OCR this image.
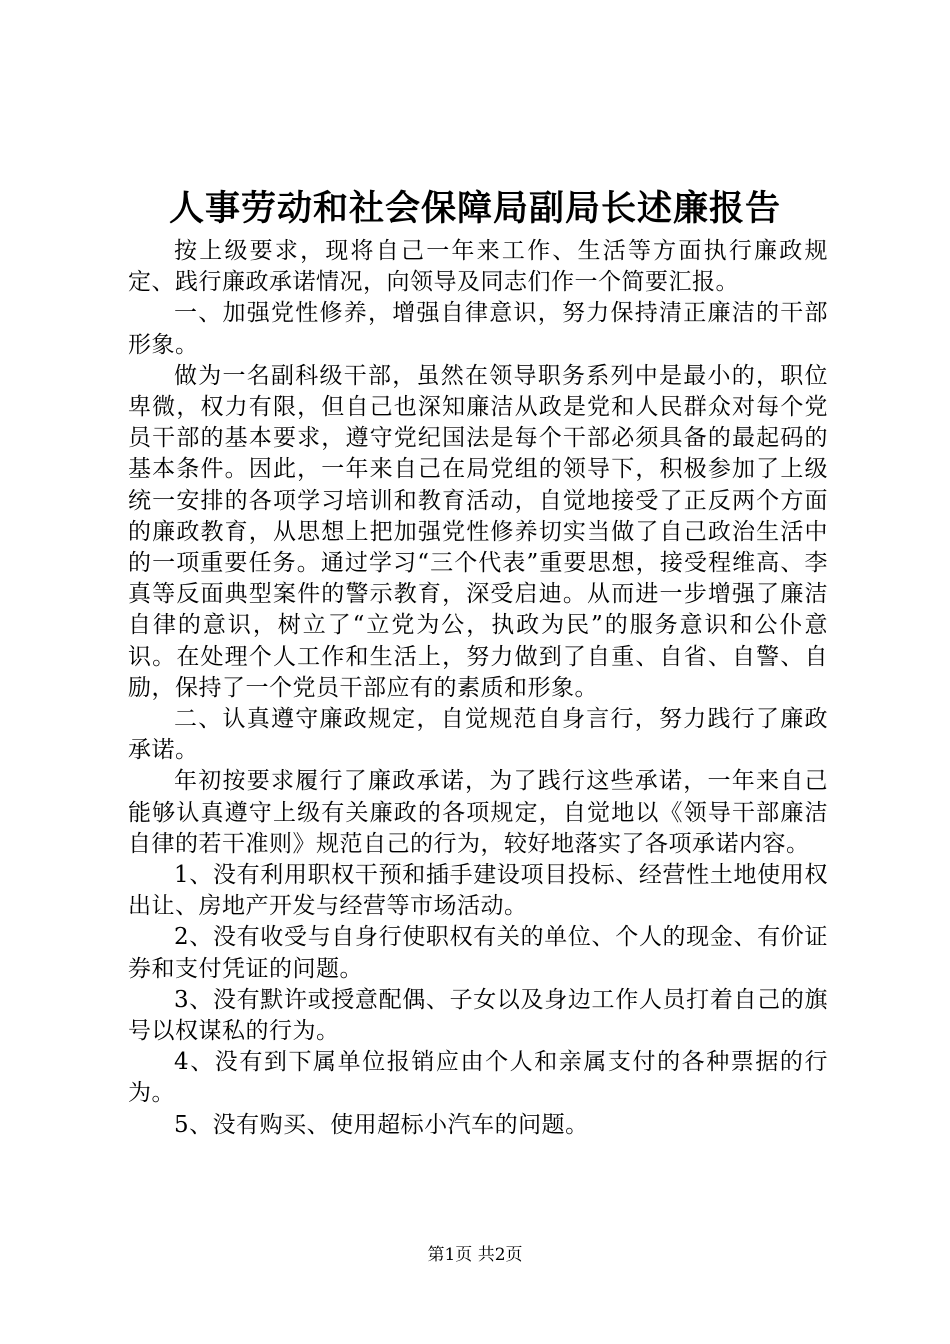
人事劳动和社会保障局副局长述廉报告

按上级要求，现将自己一年来工作、生活等方面执行廉政规定、践行廉政承诺情况，向领导及同志们作一个简要汇报。

一、加强党性修养，增强自律意识，努力保持清正廉洁的干部形象。

做为一名副科级干部，虽然在领导职务系列中是最小的，职位卑微，权力有限，但自己也深知廉洁从政是党和人民群众对每个党员干部的基本要求，遵守党纪国法是每个干部必须具备的最起码的基本条件。因此，一年来自己在局党组的领导下，积极参加了上级统一安排的各项学习培训和教育活动，自觉地接受了正反两个方面的廉政教育，从思想上把加强党性修养切实当做了自己政治生活中的一项重要任务。通过学习“三个代表”重要思想，接受程维高、李真等反面典型案件的警示教育，深受启迪。从而进一步增强了廉洁自律的意识，树立了“立党为公，执政为民”的服务意识和公仆意识。在处理个人工作和生活上，努力做到了自重、自省、自警、自励，保持了一个党员干部应有的素质和形象。

二、认真遵守廉政规定，自觉规范自身言行，努力践行了廉政承诺。

年初按要求履行了廉政承诺，为了践行这些承诺，一年来自己能够认真遵守上级有关廉政的各项规定，自觉地以《领导干部廉洁自律的若干准则》规范自己的行为，较好地落实了各项承诺内容。

1、没有利用职权干预和插手建设项目投标、经营性土地使用权出让、房地产开发与经营等市场活动。

2、没有收受与自身行使职权有关的单位、个人的现金、有价证券和支付凭证的问题。

3、没有默许或授意配偶、子女以及身边工作人员打着自己的旗号以权谋私的行为。

4、没有到下属单位报销应由个人和亲属支付的各种票据的行为。

5、没有购买、使用超标小汽车的问题。

第1页 共2页
